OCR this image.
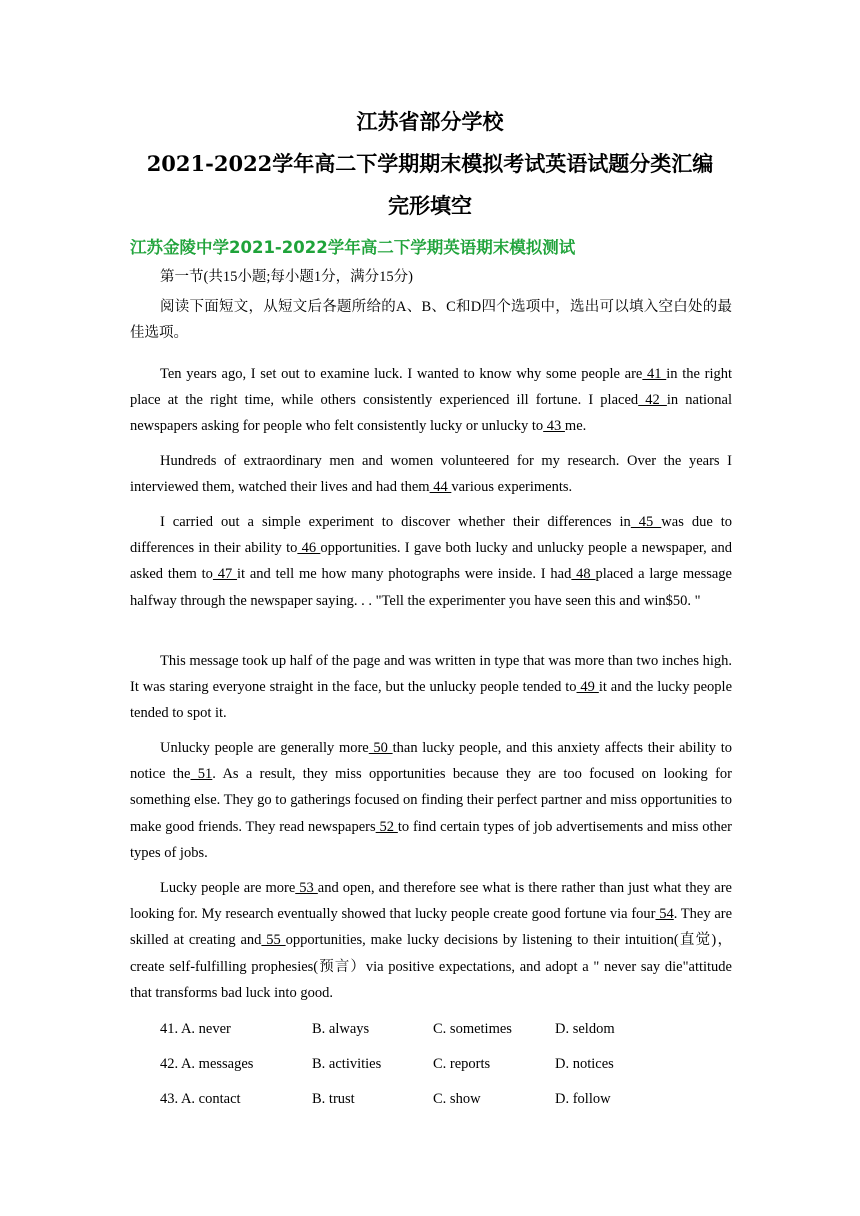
江苏省部分学校
2021-2022学年高二下学期期末模拟考试英语试题分类汇编
完形填空
江苏金陵中学2021-2022学年高二下学期英语期末模拟测试
第一节(共15小题;每小题1分，满分15分)
阅读下面短文，从短文后各题所给的A、B、C和D四个选项中，选出可以填入空白处的最佳选项。
Ten years ago, I set out to examine luck. I wanted to know why some people are 41 in the right place at the right time, while others consistently experienced ill fortune. I placed 42 in national newspapers asking for people who felt consistently lucky or unlucky to 43 me.
Hundreds of extraordinary men and women volunteered for my research. Over the years I interviewed them, watched their lives and had them 44 various experiments.
I carried out a simple experiment to discover whether their differences in 45 was due to differences in their ability to 46 opportunities. I gave both lucky and unlucky people a newspaper, and asked them to 47 it and tell me how many photographs were inside. I had 48 placed a large message halfway through the newspaper saying. . . "Tell the experimenter you have seen this and win$50. "
This message took up half of the page and was written in type that was more than two inches high. It was staring everyone straight in the face, but the unlucky people tended to 49 it and the lucky people tended to spot it.
Unlucky people are generally more 50 than lucky people, and this anxiety affects their ability to notice the 51. As a result, they miss opportunities because they are too focused on looking for something else. They go to gatherings focused on finding their perfect partner and miss opportunities to make good friends. They read newspapers 52 to find certain types of job advertisements and miss other types of jobs.
Lucky people are more 53 and open, and therefore see what is there rather than just what they are looking for. My research eventually showed that lucky people create good fortune via four 54. They are skilled at creating and 55 opportunities, make lucky decisions by listening to their intuition(直觉)，create self-fulfilling prophesies(预言）via positive expectations, and adopt a " never say die"attitude that transforms bad luck into good.
41. A. never	B. always	C. sometimes	D. seldom
42. A. messages	B. activities	C. reports	D. notices
43. A. contact	B. trust	C. show	D. follow
